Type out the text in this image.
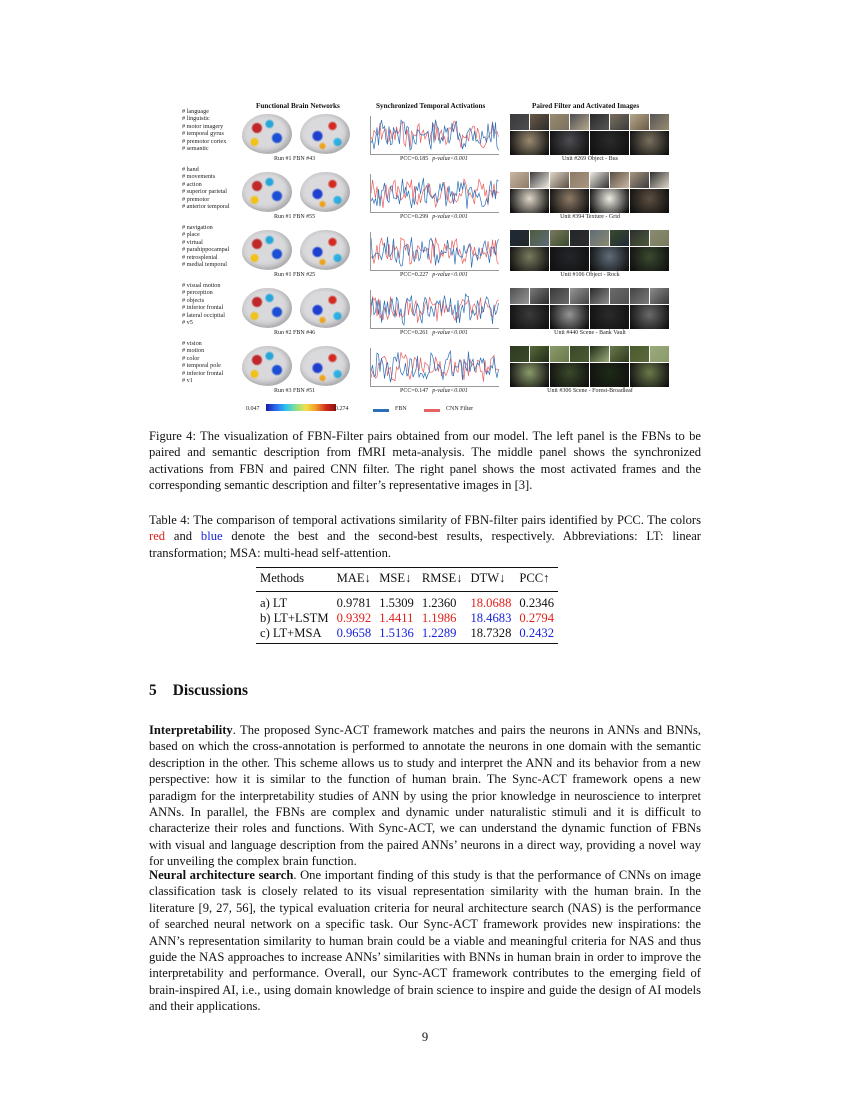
Functional Brain Networks	Synchronized Temporal Activations	Paired Filter and Activated Images
# language
# linguistic
# motor imagery
# temporal gyrus
# premotor cortex
# semantic
Run #1 FBN #43	PCC=0.185 p-value<0.001	Unit #269 Object - Bus
# hand
# movements
# action
# superior parietal
# premotor
# anterior temporal
Run #1 FBN #55	PCC=0.299 p-value<0.001	Unit #394 Texture - Grid
# navigation
# place
# virtual
# parahippocampal
# retrosplenial
# medial temporal
Run #1 FBN #25	PCC=0.227 p-value<0.001	Unit #106 Object - Rock
# visual motion
# perception
# objects
# inferior frontal
# lateral occipital
# v5
Run #2 FBN #46	PCC=0.261 p-value<0.001	Unit #440 Scene - Bank Vault
# vision
# motion
# color
# temporal pole
# inferior frontal
# v1
Run #3 FBN #51	PCC=0.147 p-value<0.001	Unit #306 Scene - Forest-Broadleaf
0.047	0.274	FBN	CNN Filter
Figure 4: The visualization of FBN-Filter pairs obtained from our model. The left panel is the FBNs to be paired and semantic description from fMRI meta-analysis. The middle panel shows the synchronized activations from FBN and paired CNN filter. The right panel shows the most activated frames and the corresponding semantic description and filter’s representative images in [3].
Table 4: The comparison of temporal activations similarity of FBN-filter pairs identified by PCC. The colors red and blue denote the best and the second-best results, respectively. Abbreviations: LT: linear transformation; MSA: multi-head self-attention.
Methods	MAE↓	MSE↓	RMSE↓	DTW↓	PCC↑
a) LT	0.9781	1.5309	1.2360	18.0688	0.2346
b) LT+LSTM	0.9392	1.4411	1.1986	18.4683	0.2794
c) LT+MSA	0.9658	1.5136	1.2289	18.7328	0.2432
5 Discussions
Interpretability. The proposed Sync-ACT framework matches and pairs the neurons in ANNs and BNNs, based on which the cross-annotation is performed to annotate the neurons in one domain with the semantic description in the other. This scheme allows us to study and interpret the ANN and its behavior from a new perspective: how it is similar to the function of human brain. The Sync-ACT framework opens a new paradigm for the interpretability studies of ANN by using the prior knowledge in neuroscience to interpret ANNs. In parallel, the FBNs are complex and dynamic under naturalistic stimuli and it is difficult to characterize their roles and functions. With Sync-ACT, we can understand the dynamic function of FBNs with visual and language description from the paired ANNs’ neurons in a direct way, providing a novel way for unveiling the complex brain function.
Neural architecture search. One important finding of this study is that the performance of CNNs on image classification task is closely related to its visual representation similarity with the human brain. In the literature [9, 27, 56], the typical evaluation criteria for neural architecture search (NAS) is the performance of searched neural network on a specific task. Our Sync-ACT framework provides new inspirations: the ANN’s representation similarity to human brain could be a viable and meaningful criteria for NAS and thus guide the NAS approaches to increase ANNs’ similarities with BNNs in human brain in order to improve the interpretability and performance. Overall, our Sync-ACT framework contributes to the emerging field of brain-inspired AI, i.e., using domain knowledge of brain science to inspire and guide the design of AI models and their applications.
9
